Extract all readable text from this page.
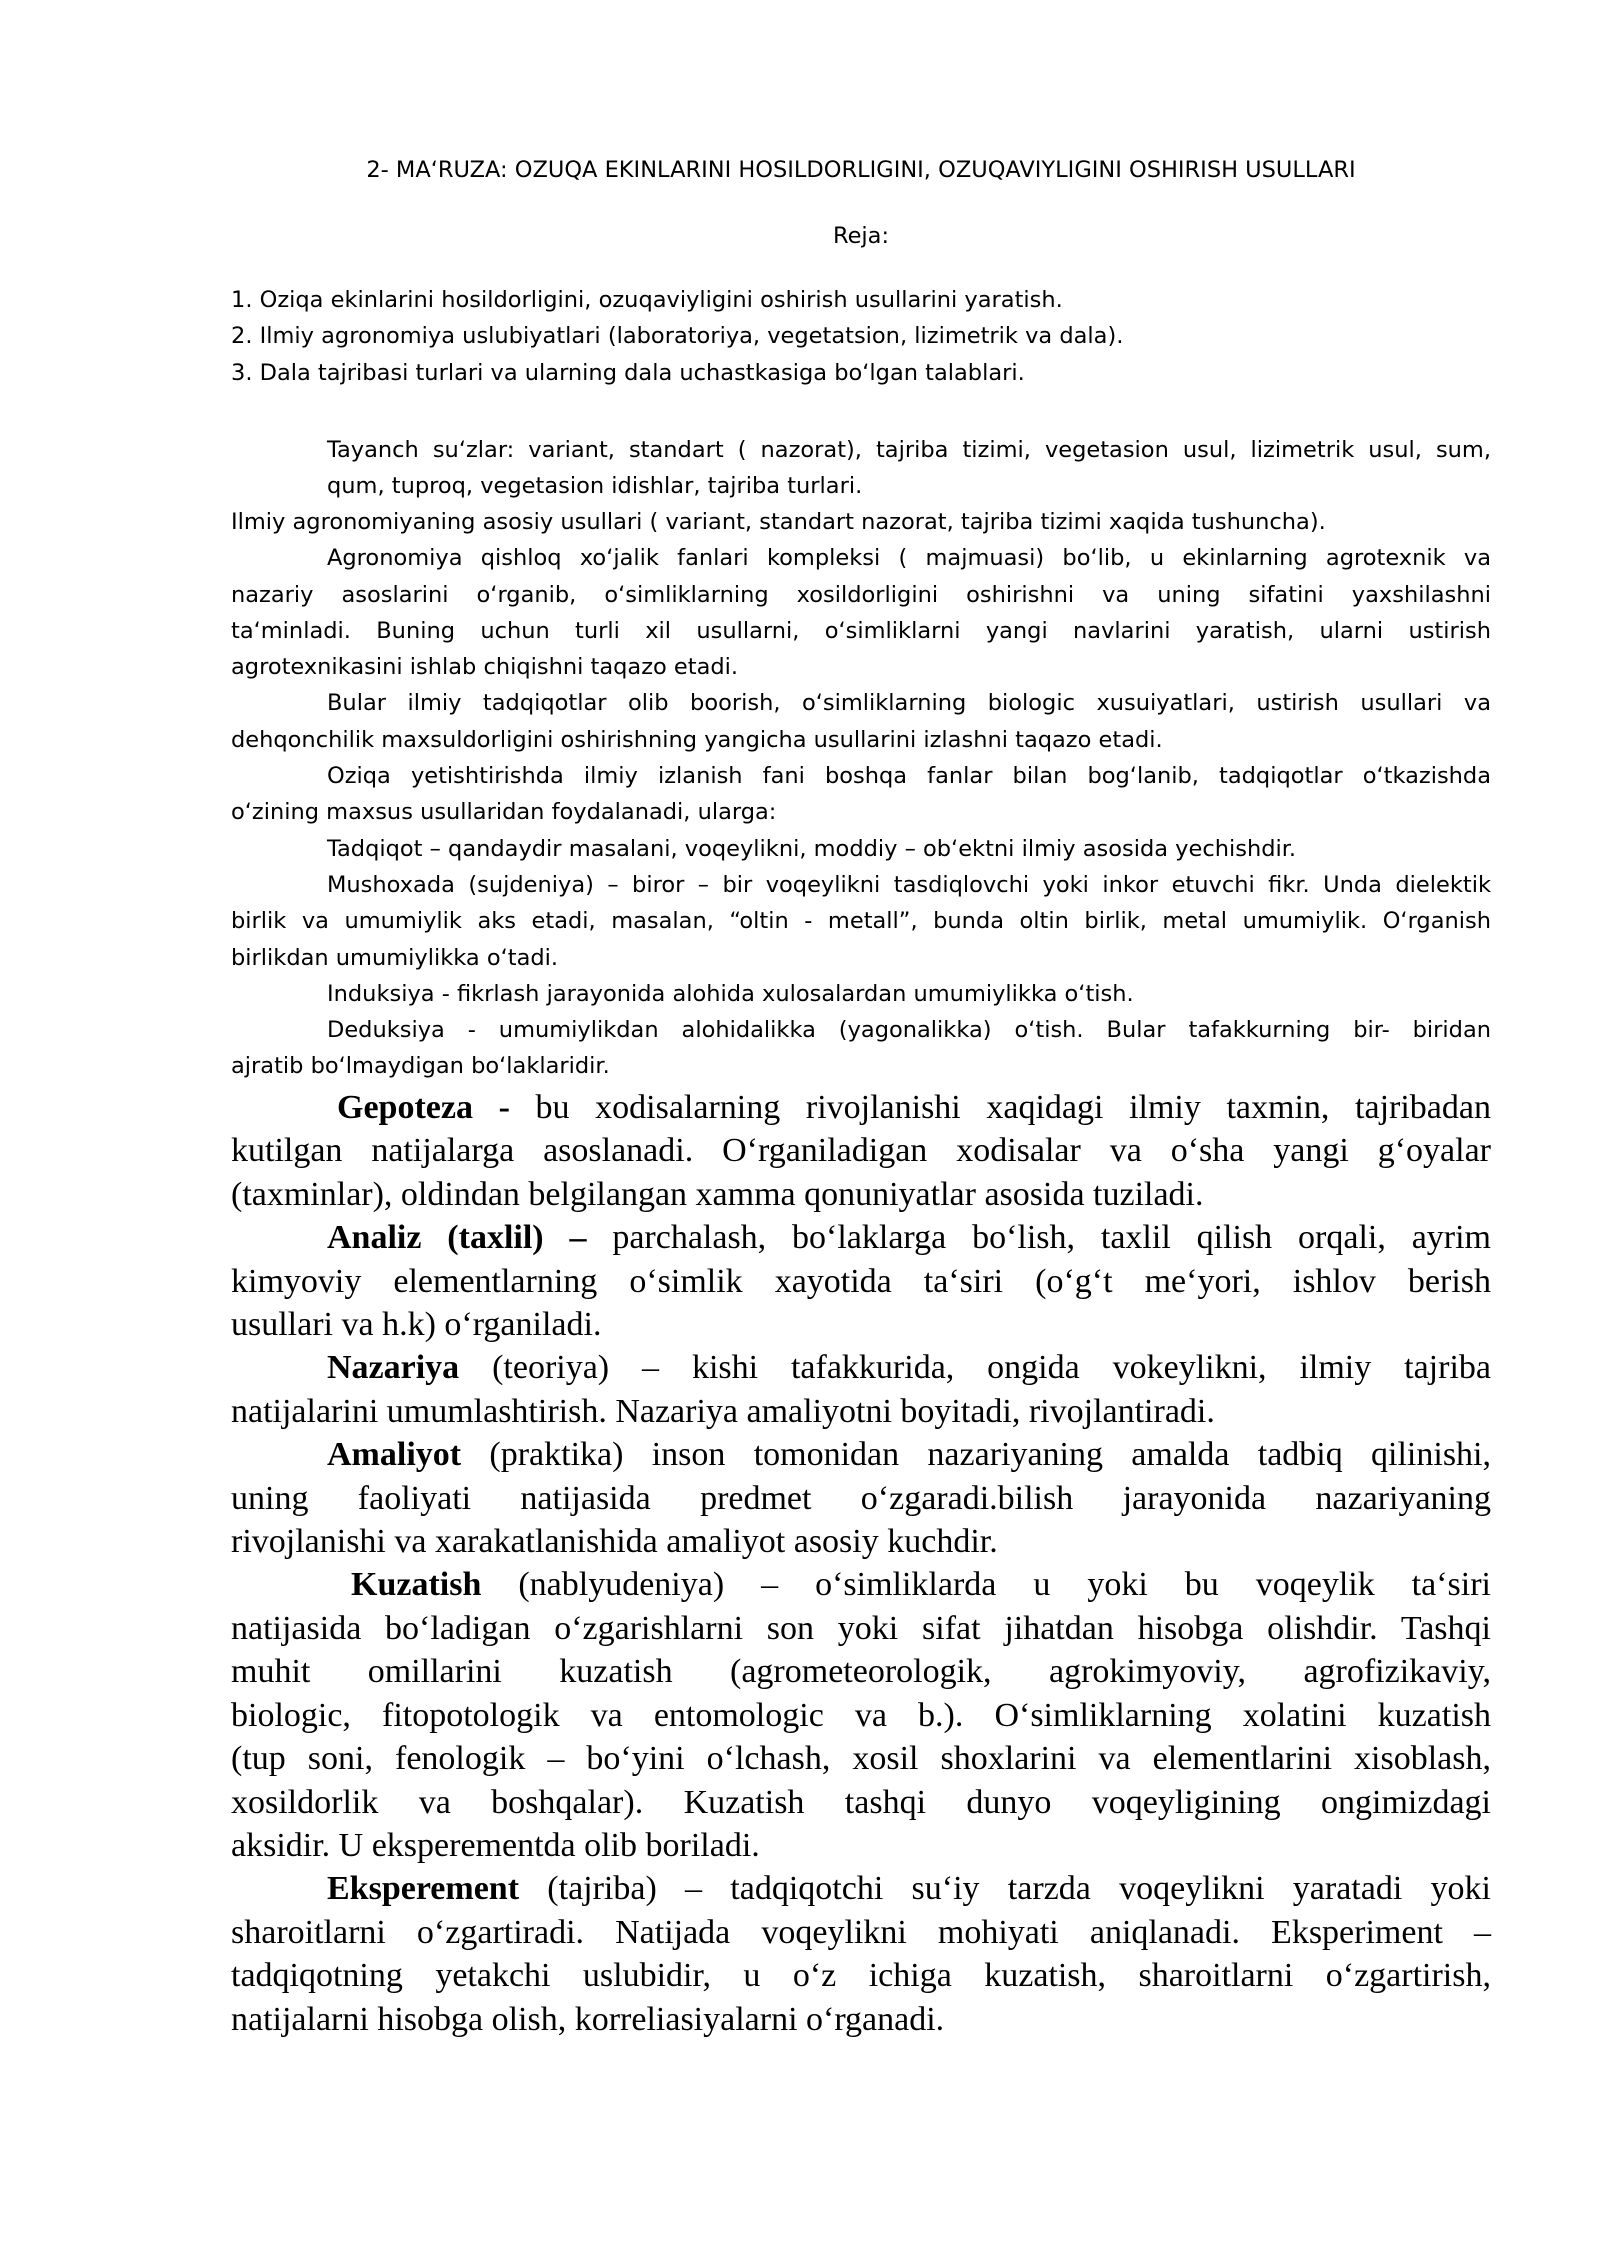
2- MA‘RUZA: OZUQA EKINLARINI HOSILDORLIGINI, OZUQAVIYLIGINI OSHIRISH USULLARI
Reja:
1. Oziqa ekinlarini hosildorligini, ozuqaviyligini oshirish usullarini yaratish.
2. Ilmiy agronomiya uslubiyatlari (laboratoriya, vegetatsion, lizimetrik va dala).
3. Dala tajribasi turlari va ularning dala uchastkasiga bo‘lgan talablari.
Tayanch su‘zlar: variant, standart ( nazorat), tajriba tizimi, vegetasion usul, lizimetrik usul, sum,
qum, tuproq, vegetasion idishlar, tajriba turlari.
Ilmiy agronomiyaning asosiy usullari ( variant, standart nazorat, tajriba tizimi xaqida tushuncha).
Agronomiya qishloq xo‘jalik fanlari kompleksi ( majmuasi) bo‘lib, u ekinlarning agrotexnik va
nazariy asoslarini o‘rganib, o‘simliklarning xosildorligini oshirishni va uning sifatini yaxshilashni
ta‘minladi. Buning uchun turli xil usullarni, o‘simliklarni yangi navlarini yaratish, ularni ustirish
agrotexnikasini ishlab chiqishni taqazo etadi.
Bular ilmiy tadqiqotlar olib boorish, o‘simliklarning biologic xusuiyatlari, ustirish usullari va
dehqonchilik maxsuldorligini oshirishning yangicha usullarini izlashni taqazo etadi.
Oziqa yetishtirishda ilmiy izlanish fani boshqa fanlar bilan bog‘lanib, tadqiqotlar o‘tkazishda
o‘zining maxsus usullaridan foydalanadi, ularga:
Tadqiqot – qandaydir masalani, voqeylikni, moddiy – ob‘ektni ilmiy asosida yechishdir.
Mushoxada (sujdeniya) – biror – bir voqeylikni tasdiqlovchi yoki inkor etuvchi fikr. Unda dielektik
birlik va umumiylik aks etadi, masalan, “oltin - metall”, bunda oltin birlik, metal umumiylik. O‘rganish
birlikdan umumiylikka o‘tadi.
Induksiya - fikrlash jarayonida alohida xulosalardan umumiylikka o‘tish.
Deduksiya - umumiylikdan alohidalikka (yagonalikka) o‘tish. Bular tafakkurning bir- biridan
ajratib bo‘lmaydigan bo‘laklaridir.
Gepoteza - bu xodisalarning rivojlanishi xaqidagi ilmiy taxmin, tajribadan
kutilgan natijalarga asoslanadi. O‘rganiladigan xodisalar va o‘sha yangi g‘oyalar
(taxminlar), oldindan belgilangan xamma qonuniyatlar asosida tuziladi.
Analiz (taxlil) – parchalash, bo‘laklarga bo‘lish, taxlil qilish orqali, ayrim
kimyoviy elementlarning o‘simlik xayotida ta‘siri (o‘g‘t me‘yori, ishlov berish
usullari va h.k) o‘rganiladi.
Nazariya (teoriya) – kishi tafakkurida, ongida vokeylikni, ilmiy tajriba
natijalarini umumlashtirish. Nazariya amaliyotni boyitadi, rivojlantiradi.
Amaliyot (praktika) inson tomonidan nazariyaning amalda tadbiq qilinishi,
uning faoliyati natijasida predmet o‘zgaradi.bilish jarayonida nazariyaning
rivojlanishi va xarakatlanishida amaliyot asosiy kuchdir.
Kuzatish (nablyudeniya) – o‘simliklarda u yoki bu voqeylik ta‘siri
natijasida bo‘ladigan o‘zgarishlarni son yoki sifat jihatdan hisobga olishdir. Tashqi
muhit omillarini kuzatish (agrometeorologik, agrokimyoviy, agrofizikaviy,
biologic, fitopotologik va entomologic va b.). O‘simliklarning xolatini kuzatish
(tup soni, fenologik – bo‘yini o‘lchash, xosil shoxlarini va elementlarini xisoblash,
xosildorlik va boshqalar). Kuzatish tashqi dunyo voqeyligining ongimizdagi
aksidir. U eksperementda olib boriladi.
Eksperement (tajriba) – tadqiqotchi su‘iy tarzda voqeylikni yaratadi yoki
sharoitlarni o‘zgartiradi. Natijada voqeylikni mohiyati aniqlanadi. Eksperiment –
tadqiqotning yetakchi uslubidir, u o‘z ichiga kuzatish, sharoitlarni o‘zgartirish,
natijalarni hisobga olish, korreliasiyalarni o‘rganadi.
